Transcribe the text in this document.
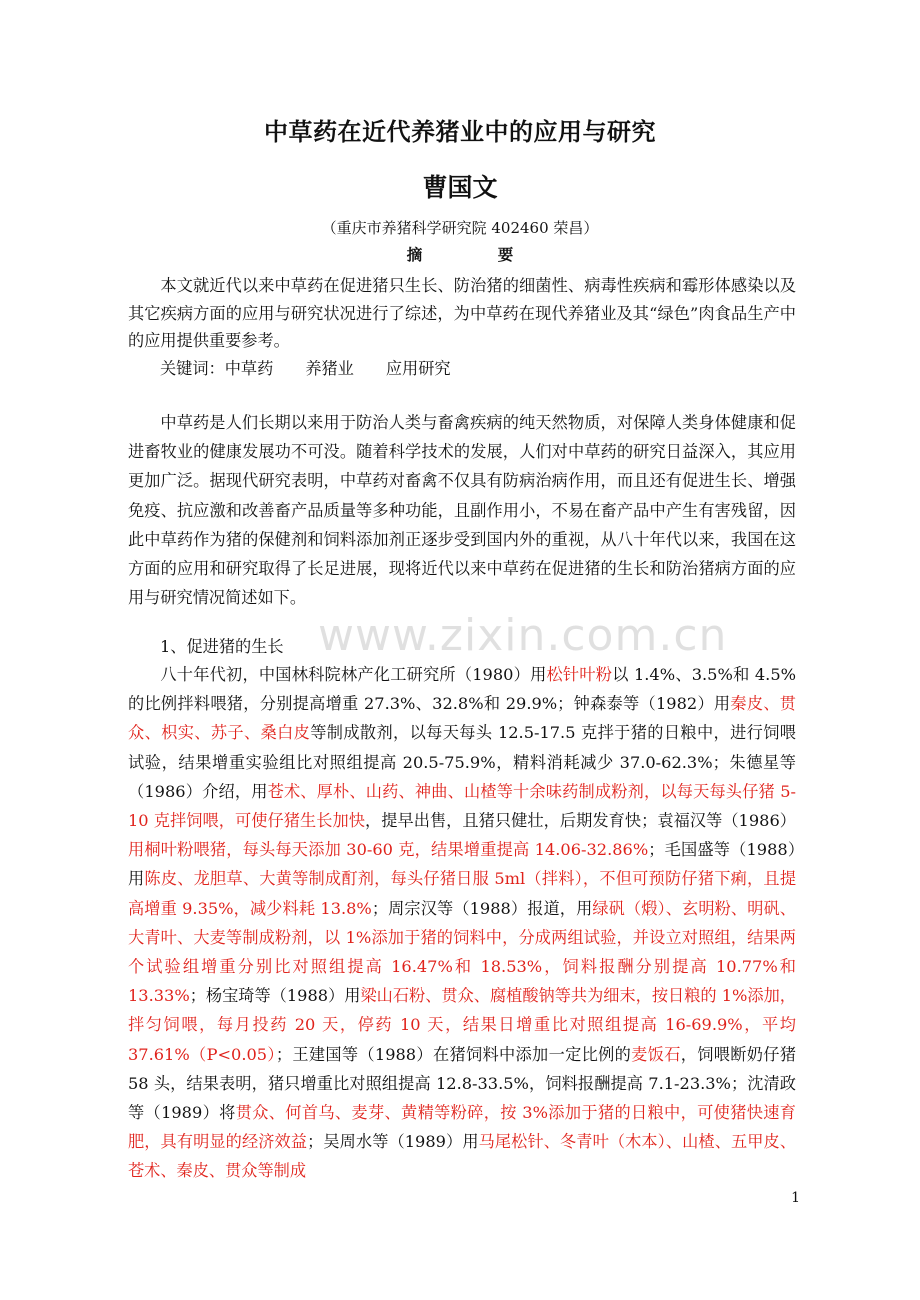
中草药在近代养猪业中的应用与研究
曹国文

（重庆市养猪科学研究院 402460 荣昌）

摘 要

本文就近代以来中草药在促进猪只生长、防治猪的细菌性、病毒性疾病和霉形体感染以及其它疾病方面的应用与研究状况进行了综述，为中草药在现代养猪业及其“绿色”肉食品生产中的应用提供重要参考。

关键词：中草药 养猪业 应用研究

中草药是人们长期以来用于防治人类与畜禽疾病的纯天然物质，对保障人类身体健康和促进畜牧业的健康发展功不可没。随着科学技术的发展，人们对中草药的研究日益深入，其应用更加广泛。据现代研究表明，中草药对畜禽不仅具有防病治病作用，而且还有促进生长、增强免疫、抗应激和改善畜产品质量等多种功能，且副作用小，不易在畜产品中产生有害残留，因此中草药作为猪的保健剂和饲料添加剂正逐步受到国内外的重视，从八十年代以来，我国在这方面的应用和研究取得了长足进展，现将近代以来中草药在促进猪的生长和防治猪病方面的应用与研究情况简述如下。

1、促进猪的生长

八十年代初，中国林科院林产化工研究所（1980）用松针叶粉以 1.4%、3.5%和 4.5%的比例拌料喂猪，分别提高增重 27.3%、32.8%和 29.9%；钟森泰等（1982）用秦皮、贯众、枳实、苏子、桑白皮等制成散剂，以每天每头 12.5-17.5 克拌于猪的日粮中，进行饲喂试验，结果增重实验组比对照组提高 20.5-75.9%，精料消耗减少 37.0-62.3%；朱德星等（1986）介绍，用苍术、厚朴、山药、神曲、山楂等十余味药制成粉剂，以每天每头仔猪 5-10 克拌饲喂，可使仔猪生长加快，提早出售，且猪只健壮，后期发育快；袁福汉等（1986）用桐叶粉喂猪，每头每天添加 30-60 克，结果增重提高 14.06-32.86%；毛国盛等（1988）用陈皮、龙胆草、大黄等制成酊剂，每头仔猪日服 5ml（拌料），不但可预防仔猪下痢，且提高增重 9.35%，减少料耗 13.8%；周宗汉等（1988）报道，用绿矾（煅）、玄明粉、明矾、大青叶、大麦等制成粉剂，以 1%添加于猪的饲料中，分成两组试验，并设立对照组，结果两个试验组增重分别比对照组提高 16.47%和 18.53%，饲料报酬分别提高 10.77%和 13.33%；杨宝琦等（1988）用梁山石粉、贯众、腐植酸钠等共为细末，按日粮的 1%添加，拌匀饲喂，每月投药 20 天，停药 10 天，结果日增重比对照组提高 16-69.9%，平均 37.61%（P<0.05）；王建国等（1988）在猪饲料中添加一定比例的麦饭石，饲喂断奶仔猪 58 头，结果表明，猪只增重比对照组提高 12.8-33.5%，饲料报酬提高 7.1-23.3%；沈清政等（1989）将贯众、何首乌、麦芽、黄精等粉碎，按 3%添加于猪的日粮中，可使猪快速育肥，具有明显的经济效益；吴周水等（1989）用马尾松针、冬青叶（木本）、山楂、五甲皮、苍术、秦皮、贯众等制成

www.zixin.com.cn

1
